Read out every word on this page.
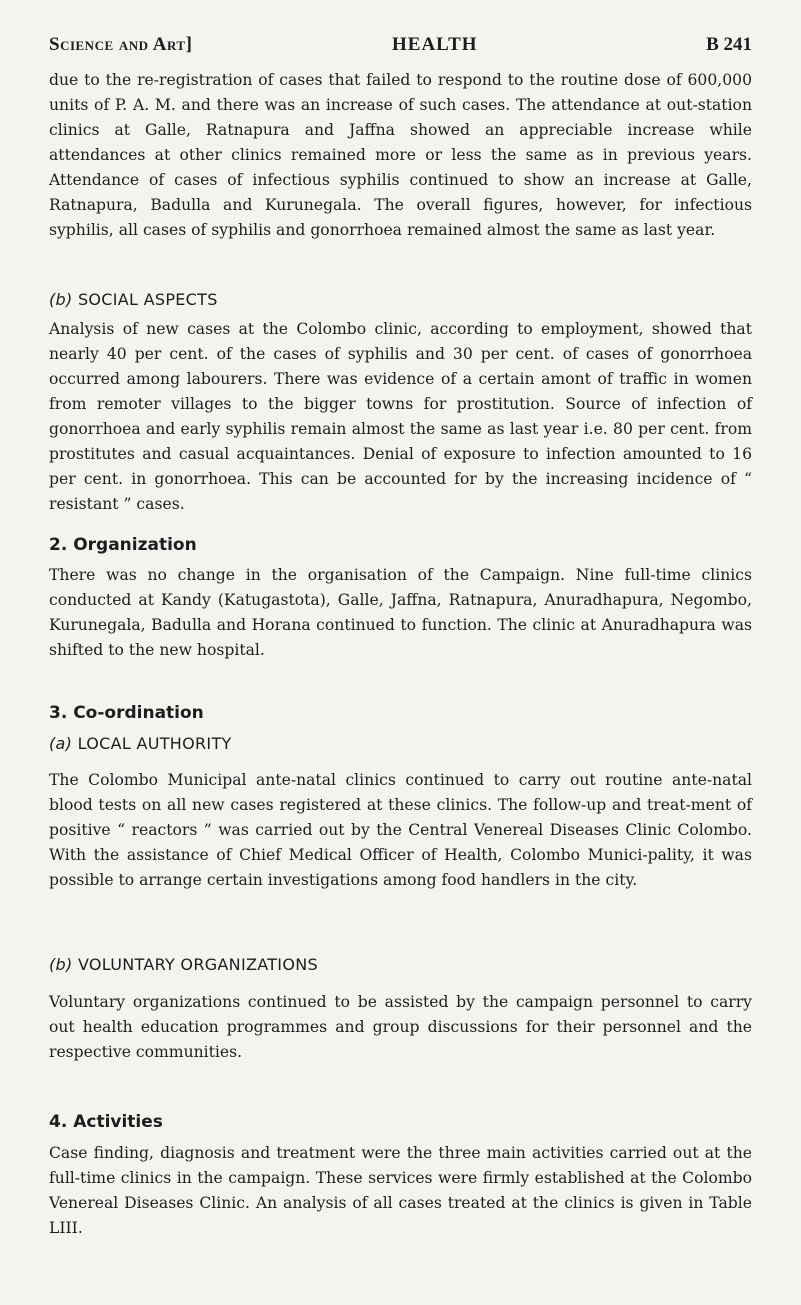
Science and Art]	HEALTH	B 241

due to the re-registration of cases that failed to respond to the routine dose of 600,000 units of P. A. M. and there was an increase of such cases. The attendance at out-station clinics at Galle, Ratnapura and Jaffna showed an appreciable increase while attendances at other clinics remained more or less the same as in previous years. Attendance of cases of infectious syphilis continued to show an increase at Galle, Ratnapura, Badulla and Kurunegala. The overall figures, however, for infectious syphilis, all cases of syphilis and gonorrhoea remained almost the same as last year.

(b) SOCIAL ASPECTS

Analysis of new cases at the Colombo clinic, according to employment, showed that nearly 40 per cent. of the cases of syphilis and 30 per cent. of cases of gonorrhoea occurred among labourers. There was evidence of a certain amont of traffic in women from remoter villages to the bigger towns for prostitution. Source of infection of gonorrhoea and early syphilis remain almost the same as last year i.e. 80 per cent. from prostitutes and casual acquaintances. Denial of exposure to infection amounted to 16 per cent. in gonorrhoea. This can be accounted for by the increasing incidence of “ resistant ” cases.

2. Organization

There was no change in the organisation of the Campaign. Nine full-time clinics conducted at Kandy (Katugastota), Galle, Jaffna, Ratnapura, Anuradhapura, Negombo, Kurunegala, Badulla and Horana continued to function. The clinic at Anuradhapura was shifted to the new hospital.

3. Co-ordination
(a) LOCAL AUTHORITY

The Colombo Municipal ante-natal clinics continued to carry out routine ante-natal blood tests on all new cases registered at these clinics. The follow-up and treat-ment of positive “ reactors ” was carried out by the Central Venereal Diseases Clinic Colombo. With the assistance of Chief Medical Officer of Health, Colombo Munici-pality, it was possible to arrange certain investigations among food handlers in the city.

(b) VOLUNTARY ORGANIZATIONS

Voluntary organizations continued to be assisted by the campaign personnel to carry out health education programmes and group discussions for their personnel and the respective communities.

4. Activities

Case finding, diagnosis and treatment were the three main activities carried out at the full-time clinics in the campaign. These services were firmly established at the Colombo Venereal Diseases Clinic. An analysis of all cases treated at the clinics is given in Table LIII.
